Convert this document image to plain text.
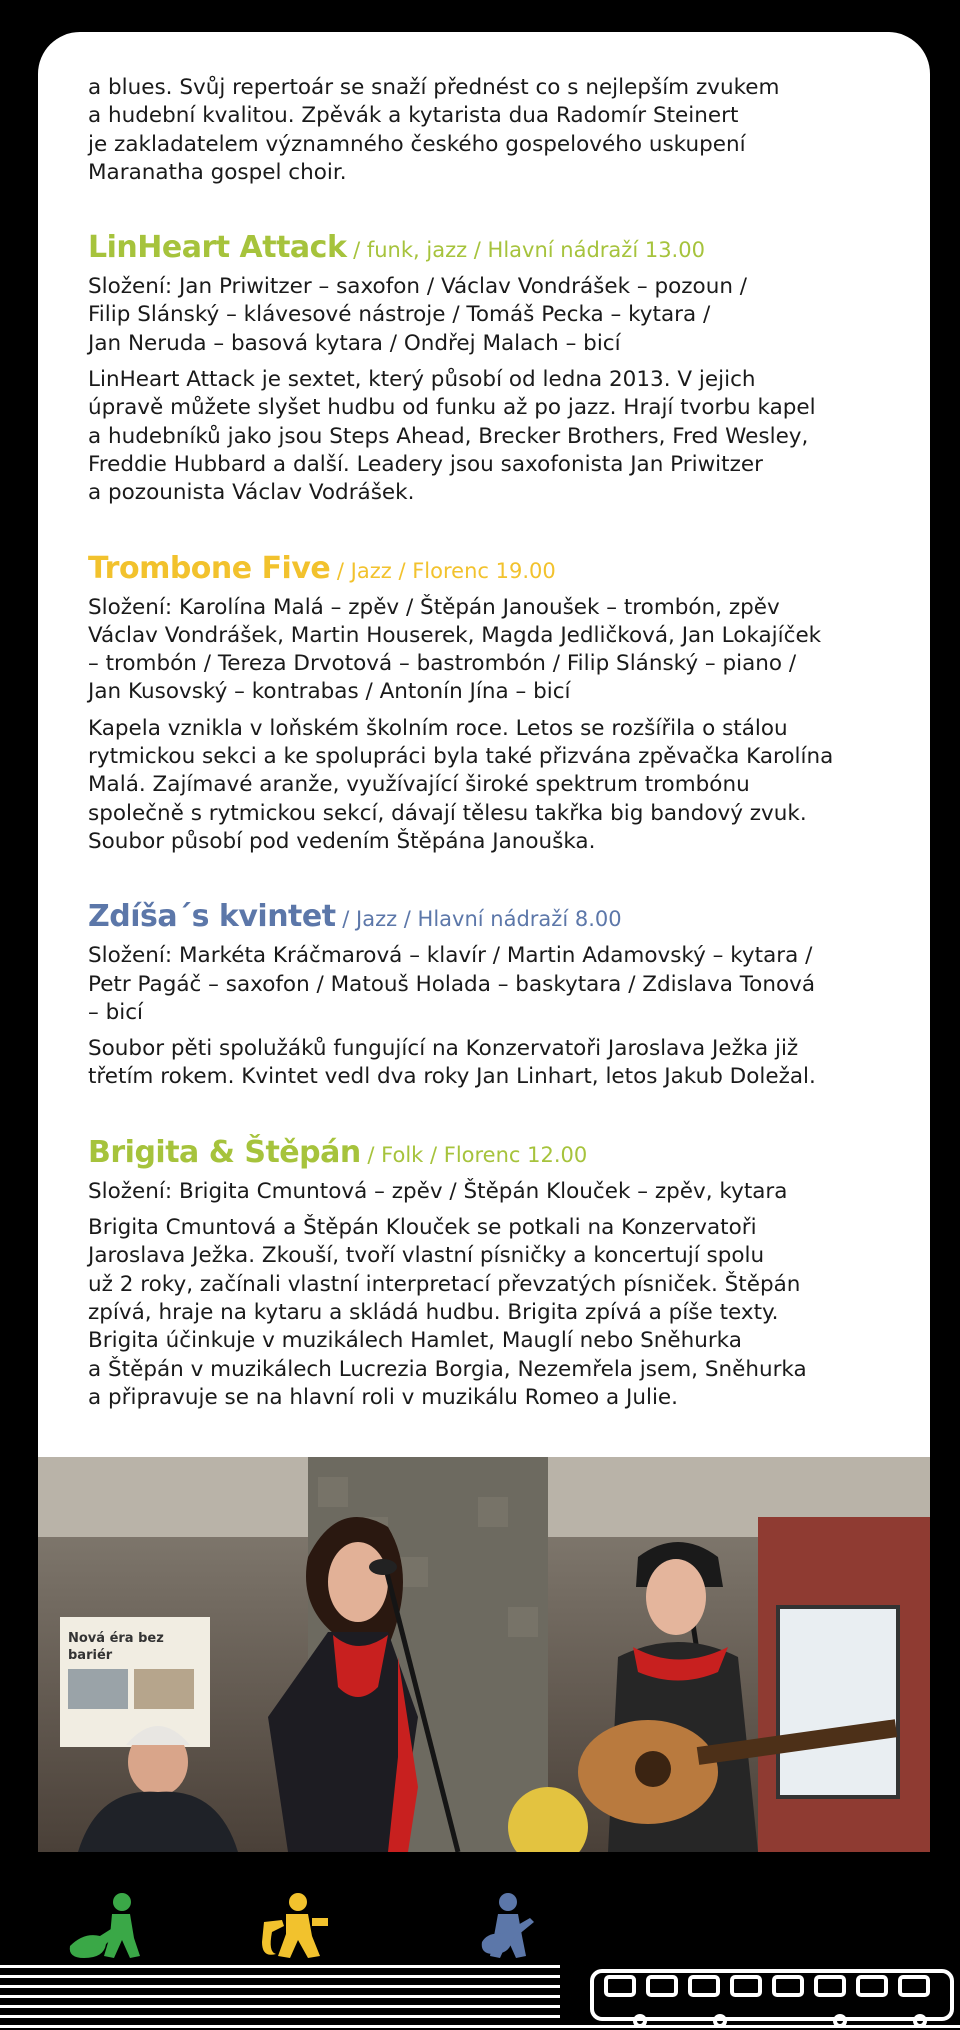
a blues. Svůj repertoár se snaží přednést co s nejlepším zvukem
a hudební kvalitou. Zpěvák a kytarista dua Radomír Steinert
je zakladatelem významného českého gospelového uskupení
Maranatha gospel choir.

LinHeart Attack / funk, jazz / Hlavní nádraží 13.00

Složení: Jan Priwitzer – saxofon / Václav Vondrášek – pozoun /
Filip Slánský – klávesové nástroje / Tomáš Pecka – kytara /
Jan Neruda – basová kytara / Ondřej Malach – bicí

LinHeart Attack je sextet, který působí od ledna 2013. V jejich
úpravě můžete slyšet hudbu od funku až po jazz. Hrají tvorbu kapel
a hudebníků jako jsou Steps Ahead, Brecker Brothers, Fred Wesley,
Freddie Hubbard a další. Leadery jsou saxofonista Jan Priwitzer
a pozounista Václav Vodrášek.

Trombone Five / Jazz / Florenc 19.00

Složení: Karolína Malá – zpěv / Štěpán Janoušek – trombón, zpěv
Václav Vondrášek, Martin Houserek, Magda Jedličková, Jan Lokajíček
– trombón / Tereza Drvotová – bastrombón / Filip Slánský – piano /
Jan Kusovský – kontrabas / Antonín Jína – bicí

Kapela vznikla v loňském školním roce. Letos se rozšířila o stálou
rytmickou sekci a ke spolupráci byla také přizvána zpěvačka Karolína
Malá. Zajímavé aranže, využívající široké spektrum trombónu
společně s rytmickou sekcí, dávají tělesu takřka big bandový zvuk.
Soubor působí pod vedením Štěpána Janouška.

Zdíša´s kvintet / Jazz / Hlavní nádraží 8.00

Složení: Markéta Kráčmarová – klavír / Martin Adamovský – kytara /
Petr Pagáč – saxofon / Matouš Holada – baskytara / Zdislava Tonová
– bicí

Soubor pěti spolužáků fungující na Konzervatoři Jaroslava Ježka již
třetím rokem. Kvintet vedl dva roky Jan Linhart, letos Jakub Doležal.

Brigita & Štěpán / Folk / Florenc 12.00

Složení: Brigita Cmuntová – zpěv / Štěpán Klouček – zpěv, kytara

Brigita Cmuntová a Štěpán Klouček se potkali na Konzervatoři
Jaroslava Ježka. Zkouší, tvoří vlastní písničky a koncertují spolu
už 2 roky, začínali vlastní interpretací převzatých písniček. Štěpán
zpívá, hraje na kytaru a skládá hudbu. Brigita zpívá a píše texty.
Brigita účinkuje v muzikálech Hamlet, Mauglí nebo Sněhurka
a Štěpán v muzikálech Lucrezia Borgia, Nezemřela jsem, Sněhurka
a připravuje se na hlavní roli v muzikálu Romeo a Julie.

Nová éra bez
bariér
